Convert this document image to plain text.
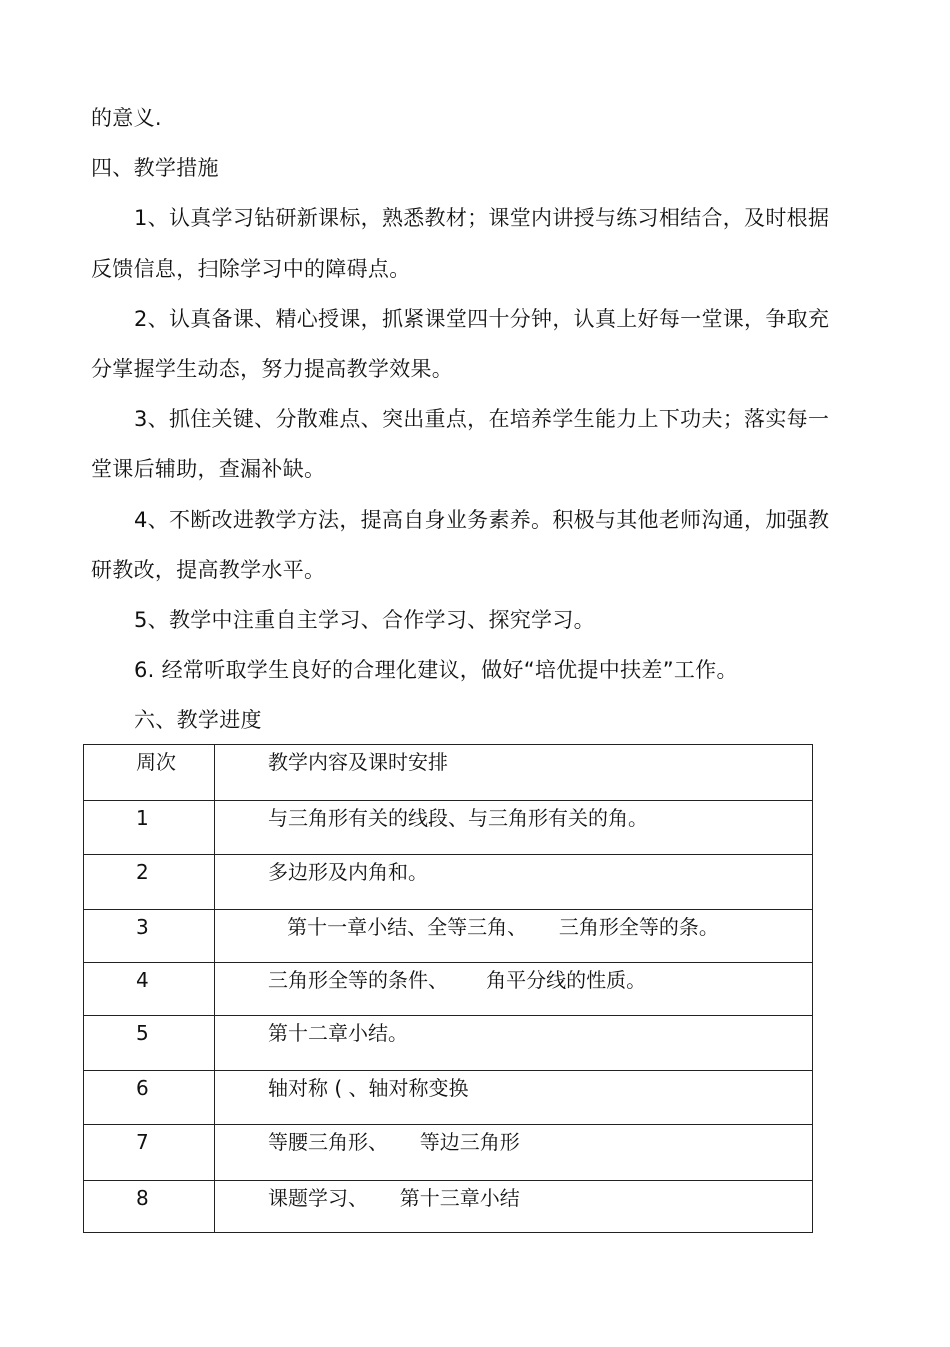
的意义.
四、教学措施
1、认真学习钻研新课标，熟悉教材；课堂内讲授与练习相结合，及时根据
反馈信息，扫除学习中的障碍点。
2、认真备课、精心授课，抓紧课堂四十分钟，认真上好每一堂课，争取充
分掌握学生动态，努力提高教学效果。
3、抓住关键、分散难点、突出重点，在培养学生能力上下功夫；落实每一
堂课后辅助，查漏补缺。
4、不断改进教学方法，提高自身业务素养。积极与其他老师沟通，加强教
研教改，提高教学水平。
5、教学中注重自主学习、合作学习、探究学习。
6. 经常听取学生良好的合理化建议，做好“培优提中扶差”工作。
六、教学进度
周次	教学内容及课时安排
1	与三角形有关的线段、与三角形有关的角。
2	多边形及内角和。
3	第十一章小结、全等三角、     三角形全等的条。
4	三角形全等的条件、      角平分线的性质。
5	第十二章小结。
6	轴对称 ( 、轴对称变换
7	等腰三角形、     等边三角形
8	课题学习、     第十三章小结
